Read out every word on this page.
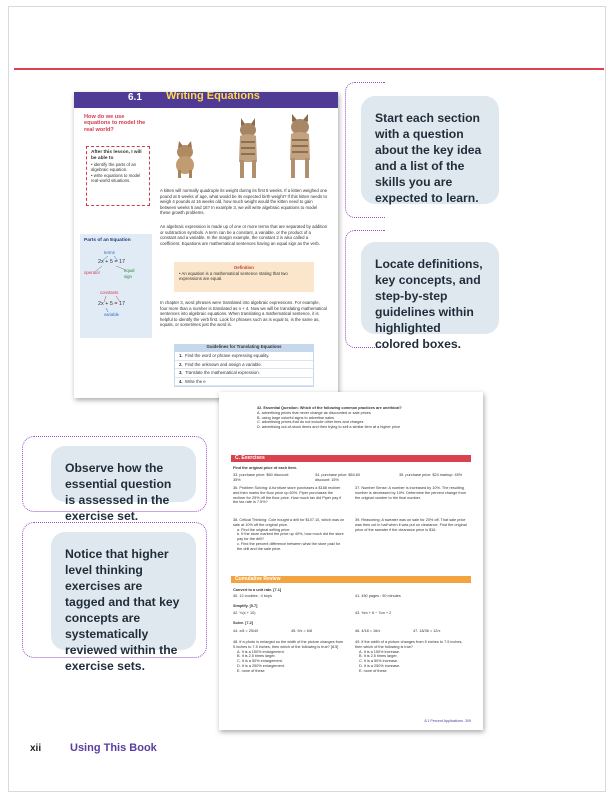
6.1 Writing Equations
How do we use equations to model the real world?
After this lesson, I will be able to
• identify the parts of an algebraic equation.
• write equations to model real-world situations.
Parts of an Equation
terms
2x + 5 = 17
operator	equal sign
constants
2x + 5 = 17
variable
A kitten will normally quadruple its weight during its first 5 weeks. If a kitten weighed one pound at 5 weeks of age, what would be its expected birth weight? If this kitten needs to weigh 4 pounds at 16 weeks old, how much weight would the kitten need to gain between weeks 5 and 16? In example 3, we will write algebraic equations to model these growth problems.
An algebraic expression is made up of one or more terms that are separated by addition or subtraction symbols. A term can be a constant, a variable, or the product of a constant and a variable. In the margin example, the constant 2 is also called a coefficient. Equations are mathematical sentences having an equal sign as the verb.
Definition
• An equation is a mathematical sentence stating that two expressions are equal.
In chapter 3, word phrases were translated into algebraic expressions. For example, four more than a number is translated as n + 4. Now we will be translating mathematical sentences into algebraic equations. When translating a mathematical sentence, it is helpful to identify the verb first. Look for phrases such as is equal to, is the same as, equals, or sometimes just the word is.
Guidelines for Translating Equations
1. Find the word or phrase expressing equality.
2. Find the unknown and assign a variable.
3. Translate the mathematical expression.
4. Write the e
32. Essential Question: Which of the following common practices are unethical?
A. advertising prices that never change as discounted or sale prices
B. using large colorful signs to advertise sales
C. advertising prices that do not include other fees and charges
D. advertising out-of-stock items and then trying to sell a similar item at a higher price
C. Exercises
Find the original price of each item.
33. purchase price: $60 discount: 35%
34. purchase price: $64.60 discount: 15%
35. purchase price: $24 markup: 45%
36. Problem Solving: A furniture store purchases a $168 recliner and then marks the floor price up 60%. Piper purchases the recliner for 25% off the floor price. How much tax did Piper pay if the tax rate is 7.5%?
37. Number Sense: A number is increased by 10%. The resulting number is decreased by 10%. Determine the percent change from the original number to the final number.
38. Critical Thinking: Cole bought a drill for $107.10, which was on sale at 10% off the original price.
a. Find the original selling price.
b. If the store marked the price up 40%, how much did the store pay for the drill?
c. Find the percent difference between what the store paid for the drill and the sale price.
39. Reasoning: A sweater was on sale for 20% off. That sale price was then cut in half when it was put on clearance. Find the original price of the sweater if the clearance price is $16.
Cumulative Review
Convert to a unit rate. [7.1]
40. 12 cookies : 4 boys	41. 450 pages : 90 minutes
Simplify. [5.7]
42. ⅓(x + 10)	43. ⅜m + 6 − ⅞m + 2
Solve. [7.2]
44. x/8 = 25/40	45. 9/x = 6/8	46. 4/18 = 16/x	47. 18/36 = 12/x
48. If a photo is enlarged so the width of the picture changes from 5 inches to 7.5 inches, then which of the following is true? [8.5]
A. It is a 150% enlargement.
B. It is 2.5 times larger.
C. It is a 50% enlargement.
D. It is a 250% enlargement.
E. none of these
49. If the width of a picture changes from 5 inches to 7.5 inches, then which of the following is true?
A. It is a 150% increase.
B. It is 2.5 times larger.
C. It is a 50% increase.
D. It is a 250% increase.
E. none of these
8.1 Percent Applications 309
Start each section with a question about the key idea and a list of the skills you are expected to learn.
Locate definitions, key concepts, and step-by-step guidelines within highlighted colored boxes.
Observe how the essential question is assessed in the exercise set.
Notice that higher level thinking exercises are tagged and that key concepts are systematically reviewed within the exercise sets.
xii	Using This Book
